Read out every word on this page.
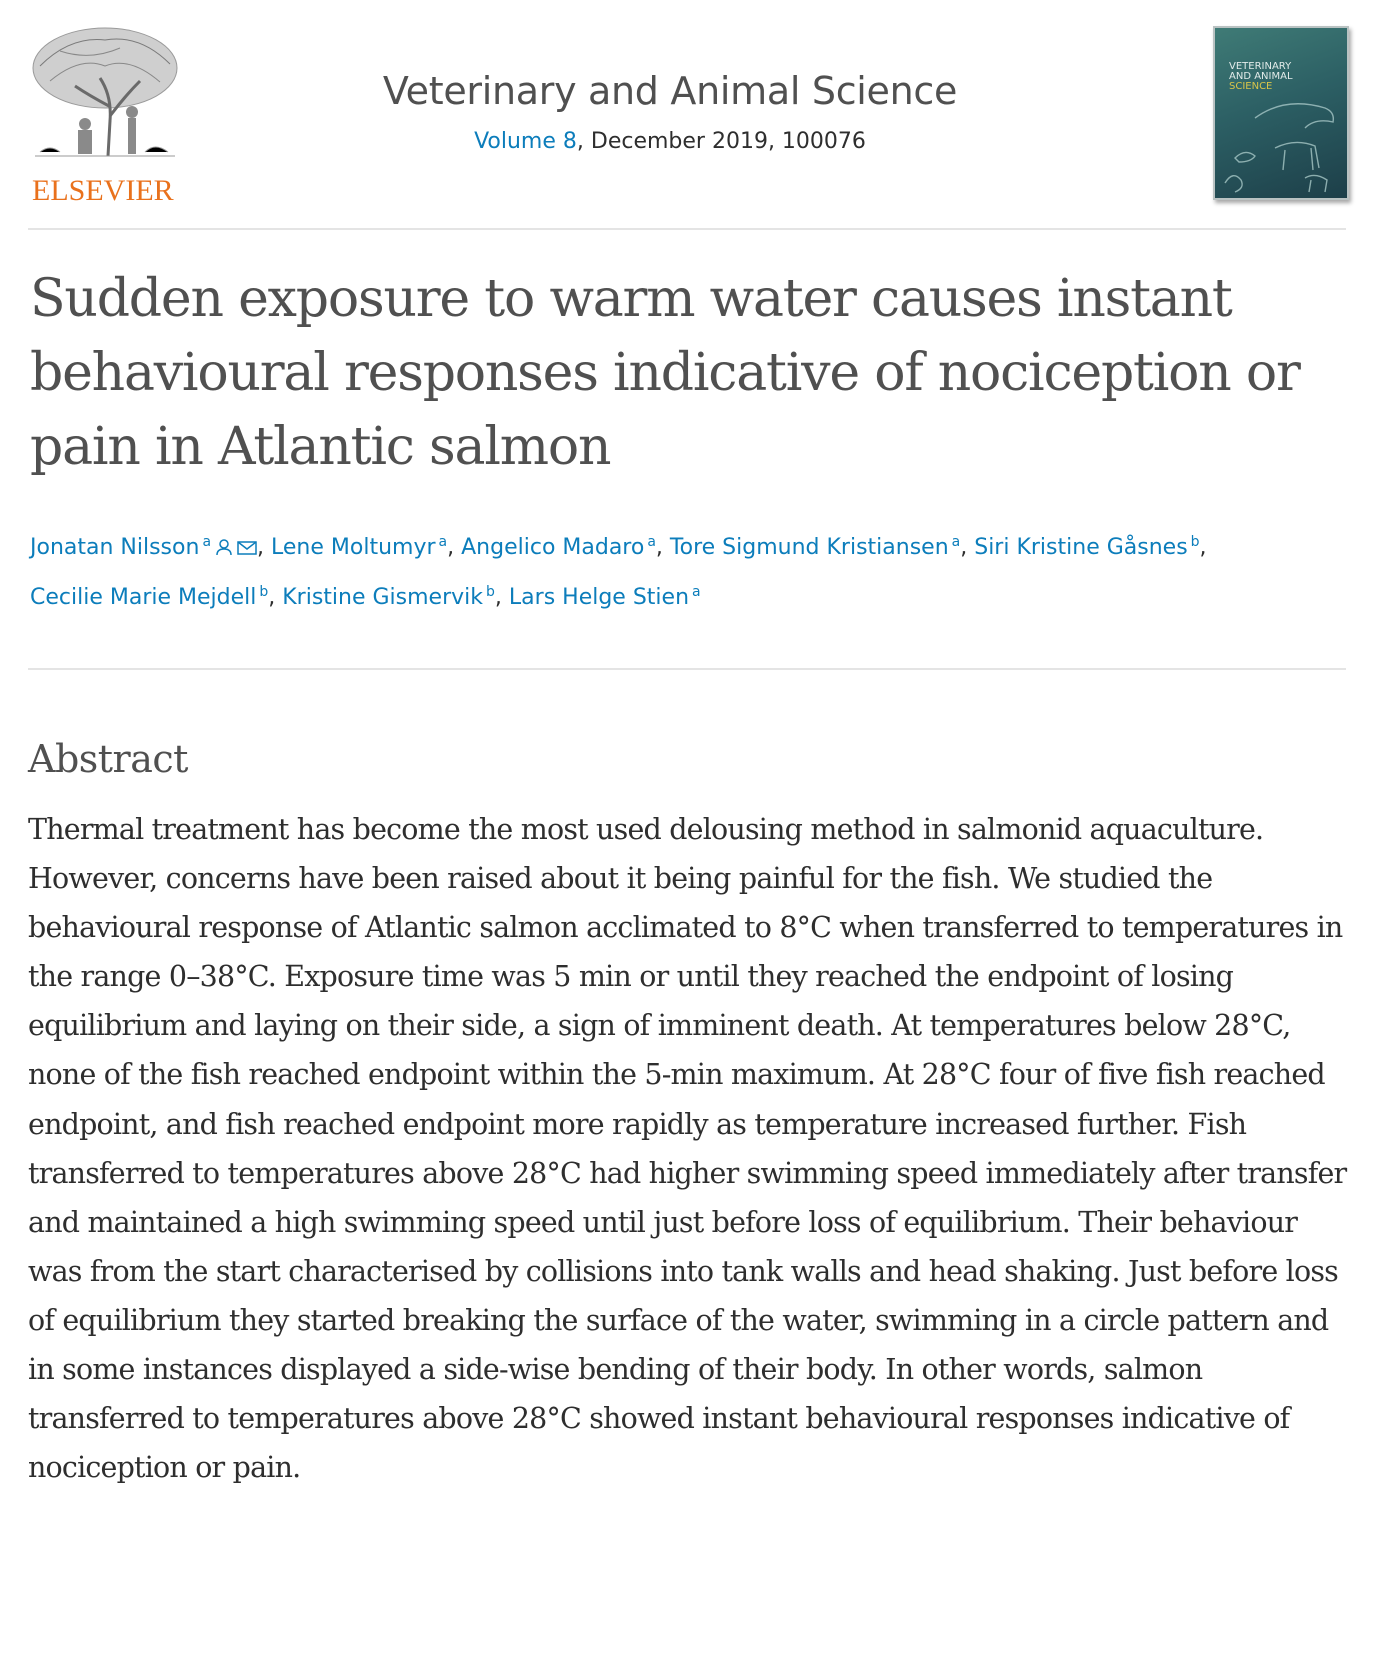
ELSEVIER
Veterinary and Animal Science
Volume 8, December 2019, 100076
VETERINARY
AND ANIMAL
SCIENCE
Sudden exposure to warm water causes instant behavioural responses indicative of nociception or pain in Atlantic salmon
Jonatan Nilsson $^a$ , Lene Moltumyr $^a$, Angelico Madaro $^a$, Tore Sigmund Kristiansen $^a$, Siri Kristine Gåsnes $^b$,
Cecilie Marie Mejdell $^b$, Kristine Gismervik $^b$, Lars Helge Stien $^a$
Abstract

Thermal treatment has become the most used delousing method in salmonid aquaculture. However, concerns have been raised about it being painful for the fish. We studied the behavioural response of Atlantic salmon acclimated to 8°C when transferred to temperatures in the range 0–38°C. Exposure time was 5 min or until they reached the endpoint of losing equilibrium and laying on their side, a sign of imminent death. At temperatures below 28°C, none of the fish reached endpoint within the 5-min maximum. At 28°C four of five fish reached endpoint, and fish reached endpoint more rapidly as temperature increased further. Fish transferred to temperatures above 28°C had higher swimming speed immediately after transfer and maintained a high swimming speed until just before loss of equilibrium. Their behaviour was from the start characterised by collisions into tank walls and head shaking. Just before loss of equilibrium they started breaking the surface of the water, swimming in a circle pattern and in some instances displayed a side-wise bending of their body. In other words, salmon transferred to temperatures above 28°C showed instant behavioural responses indicative of nociception or pain.
